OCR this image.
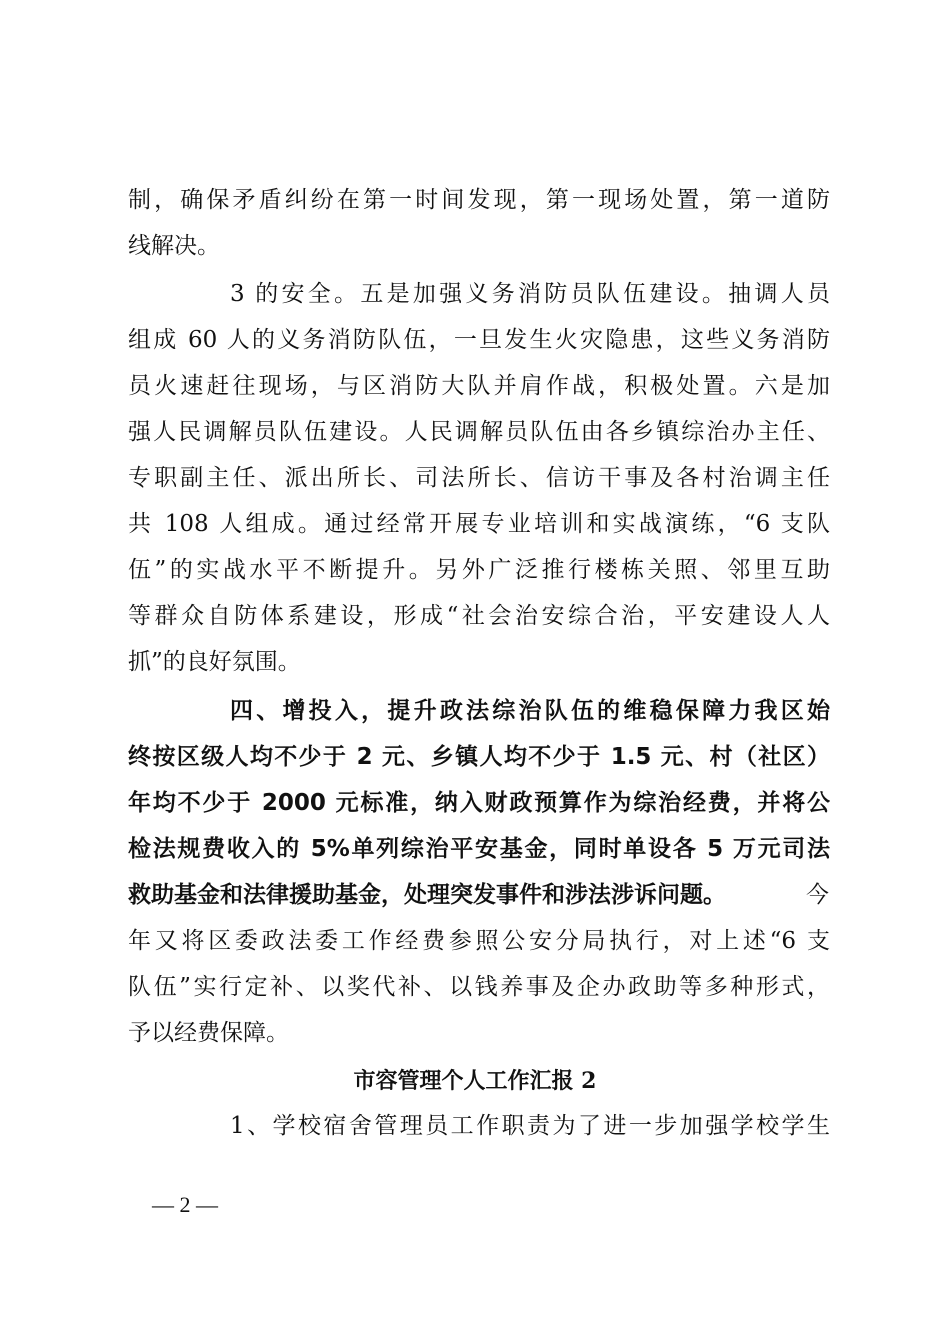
制，确保矛盾纠纷在第一时间发现，第一现场处置，第一道防
线解决。
3 的安全。五是加强义务消防员队伍建设。抽调人员
组成 60 人的义务消防队伍，一旦发生火灾隐患，这些义务消防
员火速赶往现场，与区消防大队并肩作战，积极处置。六是加
强人民调解员队伍建设。人民调解员队伍由各乡镇综治办主任、
专职副主任、派出所长、司法所长、信访干事及各村治调主任
共 108 人组成。通过经常开展专业培训和实战演练，“6 支队
伍”的实战水平不断提升。另外广泛推行楼栋关照、邻里互助
等群众自防体系建设，形成“社会治安综合治，平安建设人人
抓”的良好氛围。
四、增投入，提升政法综治队伍的维稳保障力我区始
终按区级人均不少于 2 元、乡镇人均不少于 1.5 元、村（社区）
年均不少于 2000 元标准，纳入财政预算作为综治经费，并将公
检法规费收入的 5%单列综治平安基金，同时单设各 5 万元司法
救助基金和法律援助基金，处理突发事件和涉法涉诉问题。	今
年又将区委政法委工作经费参照公安分局执行，对上述“6 支
队伍”实行定补、以奖代补、以钱养事及企办政助等多种形式，
予以经费保障。
市容管理个人工作汇报 2
1、学校宿舍管理员工作职责为了进一步加强学校学生
— 2 —
